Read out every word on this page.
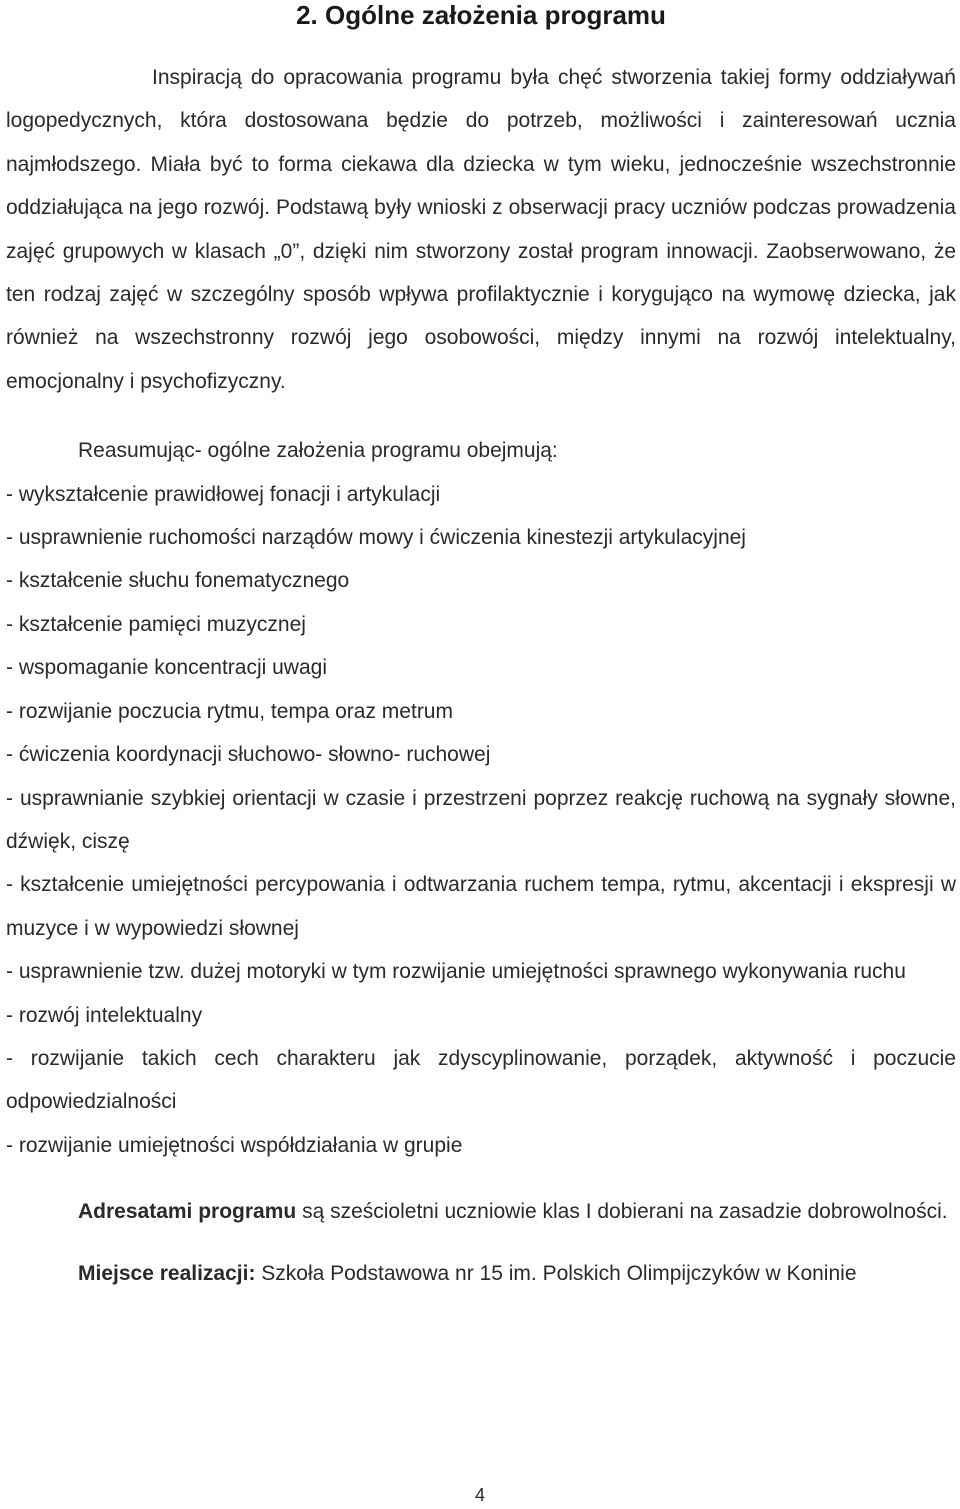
2. Ogólne założenia programu

Inspiracją do opracowania programu była chęć stworzenia takiej formy oddziaływań logopedycznych, która dostosowana będzie do potrzeb, możliwości i zainteresowań ucznia najmłodszego. Miała być to forma ciekawa dla dziecka w tym wieku, jednocześnie wszechstronnie oddziałująca na jego rozwój. Podstawą były wnioski z obserwacji pracy uczniów podczas prowadzenia zajęć grupowych w klasach „0”, dzięki nim stworzony został program innowacji. Zaobserwowano, że ten rodzaj zajęć w szczególny sposób wpływa profilaktycznie i korygująco na wymowę dziecka, jak również na wszechstronny rozwój jego osobowości, między innymi na rozwój intelektualny, emocjonalny i psychofizyczny.

Reasumując- ogólne założenia programu obejmują:

- wykształcenie prawidłowej fonacji i artykulacji
- usprawnienie ruchomości narządów mowy i ćwiczenia kinestezji artykulacyjnej
- kształcenie słuchu fonematycznego
- kształcenie pamięci muzycznej
- wspomaganie koncentracji uwagi
- rozwijanie poczucia rytmu, tempa oraz metrum
- ćwiczenia koordynacji słuchowo- słowno- ruchowej
- usprawnianie szybkiej orientacji w czasie i przestrzeni poprzez reakcję ruchową na sygnały słowne, dźwięk, ciszę
- kształcenie umiejętności percypowania i odtwarzania ruchem tempa, rytmu, akcentacji i ekspresji w muzyce i w wypowiedzi słownej
- usprawnienie tzw. dużej motoryki w tym rozwijanie umiejętności sprawnego wykonywania ruchu
- rozwój intelektualny
- rozwijanie takich cech charakteru jak zdyscyplinowanie, porządek, aktywność i poczucie odpowiedzialności
- rozwijanie umiejętności współdziałania w grupie

Adresatami programu są sześcioletni uczniowie klas I dobierani na zasadzie dobrowolności.

Miejsce realizacji: Szkoła Podstawowa nr 15 im. Polskich Olimpijczyków w Koninie

4
